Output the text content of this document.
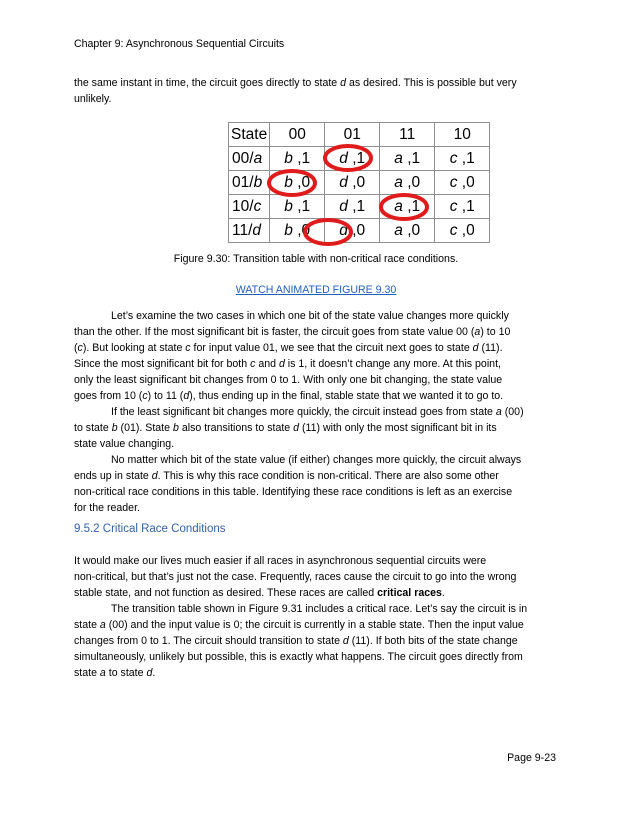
Chapter 9: Asynchronous Sequential Circuits

the same instant in time, the circuit goes directly to state d as desired. This is possible but very
unlikely.

State	00	01	11	10
00/a	b ,1	d ,1	a ,1	c ,1
01/b	b ,0	d ,0	a ,0	c ,0
10/c	b ,1	d ,1	a ,1	c ,1
11/d	b ,0	d ,0	a ,0	c ,0
Figure 9.30: Transition table with non-critical race conditions.
WATCH ANIMATED FIGURE 9.30

Let’s examine the two cases in which one bit of the state value changes more quickly
than the other. If the most significant bit is faster, the circuit goes from state value 00 (a) to 10
(c). But looking at state c for input value 01, we see that the circuit next goes to state d (11).
Since the most significant bit for both c and d is 1, it doesn’t change any more. At this point,
only the least significant bit changes from 0 to 1. With only one bit changing, the state value
goes from 10 (c) to 11 (d), thus ending up in the final, stable state that we wanted it to go to.

If the least significant bit changes more quickly, the circuit instead goes from state a (00)
to state b (01). State b also transitions to state d (11) with only the most significant bit in its
state value changing.

No matter which bit of the state value (if either) changes more quickly, the circuit always
ends up in state d. This is why this race condition is non-critical. There are also some other
non-critical race conditions in this table. Identifying these race conditions is left as an exercise
for the reader.

9.5.2 Critical Race Conditions

It would make our lives much easier if all races in asynchronous sequential circuits were
non-critical, but that’s just not the case. Frequently, races cause the circuit to go into the wrong
stable state, and not function as desired. These races are called critical races.

The transition table shown in Figure 9.31 includes a critical race. Let’s say the circuit is in
state a (00) and the input value is 0; the circuit is currently in a stable state. Then the input value
changes from 0 to 1. The circuit should transition to state d (11). If both bits of the state change
simultaneously, unlikely but possible, this is exactly what happens. The circuit goes directly from
state a to state d.

Page 9-23
